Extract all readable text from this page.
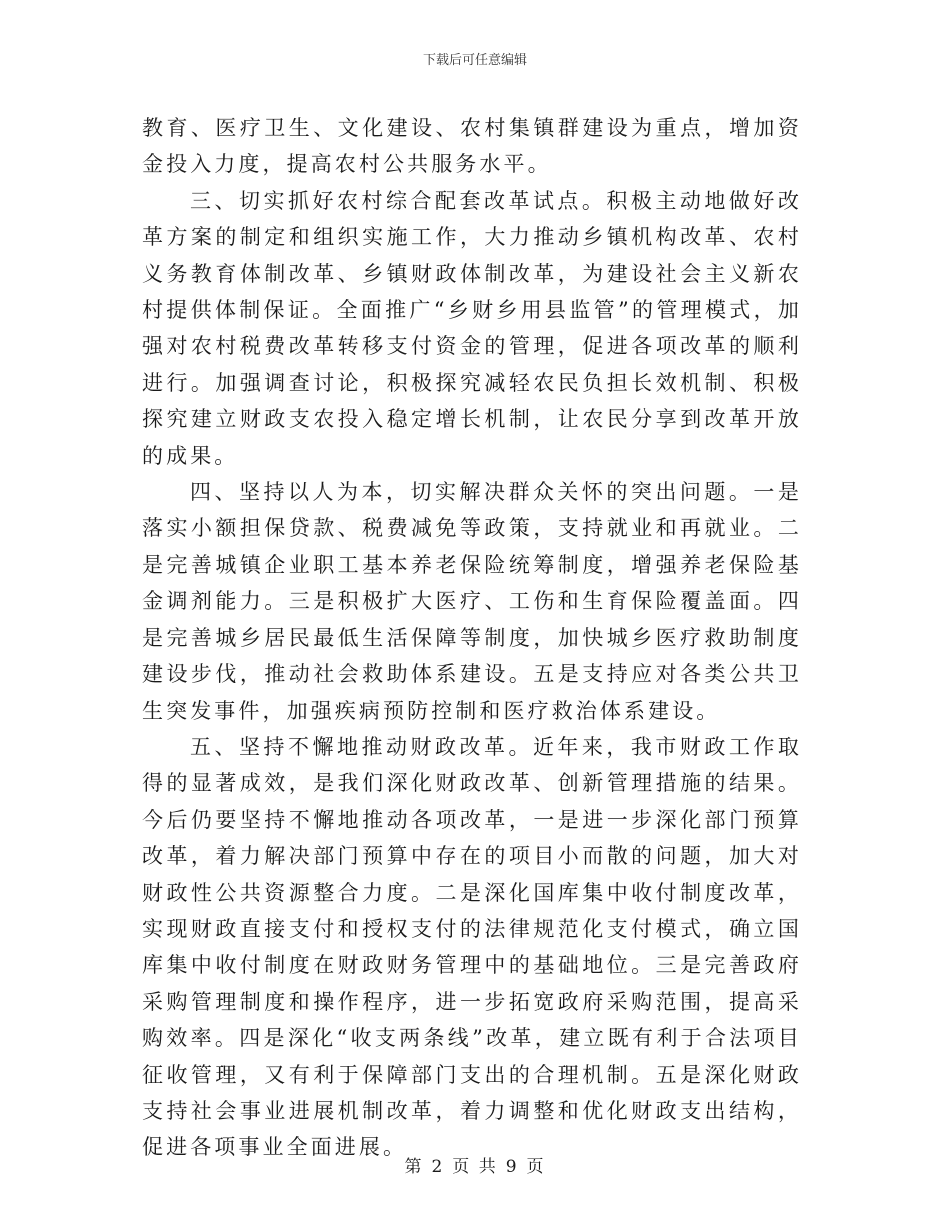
下载后可任意编辑

教育、医疗卫生、文化建设、农村集镇群建设为重点，增加资金投入力度，提高农村公共服务水平。

三、切实抓好农村综合配套改革试点。积极主动地做好改革方案的制定和组织实施工作，大力推动乡镇机构改革、农村义务教育体制改革、乡镇财政体制改革，为建设社会主义新农村提供体制保证。全面推广“乡财乡用县监管”的管理模式，加强对农村税费改革转移支付资金的管理，促进各项改革的顺利进行。加强调查讨论，积极探究减轻农民负担长效机制、积极探究建立财政支农投入稳定增长机制，让农民分享到改革开放的成果。

四、坚持以人为本，切实解决群众关怀的突出问题。一是落实小额担保贷款、税费减免等政策，支持就业和再就业。二是完善城镇企业职工基本养老保险统筹制度，增强养老保险基金调剂能力。三是积极扩大医疗、工伤和生育保险覆盖面。四是完善城乡居民最低生活保障等制度，加快城乡医疗救助制度建设步伐，推动社会救助体系建设。五是支持应对各类公共卫生突发事件，加强疾病预防控制和医疗救治体系建设。

五、坚持不懈地推动财政改革。近年来，我市财政工作取得的显著成效，是我们深化财政改革、创新管理措施的结果。今后仍要坚持不懈地推动各项改革，一是进一步深化部门预算改革，着力解决部门预算中存在的项目小而散的问题，加大对财政性公共资源整合力度。二是深化国库集中收付制度改革，实现财政直接支付和授权支付的法律规范化支付模式，确立国库集中收付制度在财政财务管理中的基础地位。三是完善政府采购管理制度和操作程序，进一步拓宽政府采购范围，提高采购效率。四是深化“收支两条线”改革，建立既有利于合法项目征收管理，又有利于保障部门支出的合理机制。五是深化财政支持社会事业进展机制改革，着力调整和优化财政支出结构，促进各项事业全面进展。

第 2 页 共 9 页
